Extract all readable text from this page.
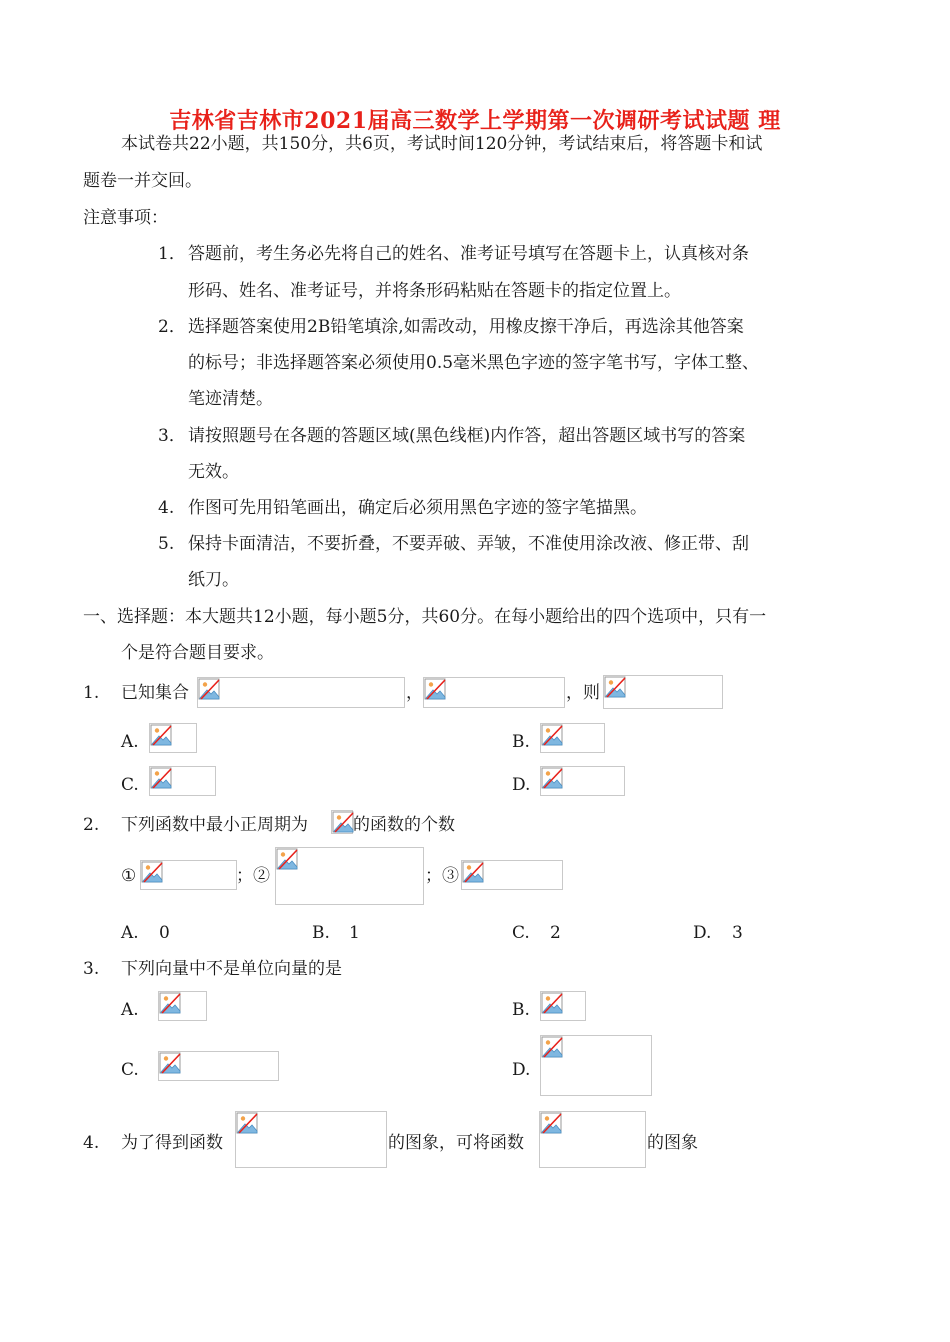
吉林省吉林市2021届高三数学上学期第一次调研考试试题 理
本试卷共22小题，共150分，共6页，考试时间120分钟，考试结束后，将答题卡和试
题卷一并交回。
注意事项：
1． 答题前，考生务必先将自己的姓名、准考证号填写在答题卡上，认真核对条
形码、姓名、准考证号，并将条形码粘贴在答题卡的指定位置上。
2． 选择题答案使用2B铅笔填涂,如需改动，用橡皮擦干净后，再选涂其他答案
的标号；非选择题答案必须使用0.5毫米黑色字迹的签字笔书写，字体工整、
笔迹清楚。
3． 请按照题号在各题的答题区域(黑色线框)内作答，超出答题区域书写的答案
无效。
4. 作图可先用铅笔画出，确定后必须用黑色字迹的签字笔描黑。
5. 保持卡面清洁，不要折叠，不要弄破、弄皱，不准使用涂改液、修正带、刮
纸刀。
一、选择题：本大题共12小题，每小题5分，共60分。在每小题给出的四个选项中，只有一
个是符合题目要求。
1. 已知集合	，	，则
A.	B.
C.	D.
2. 下列函数中最小正周期为	的函数的个数
①	；②	；③
A. 0	B. 1	C. 2	D. 3
3. 下列向量中不是单位向量的是
A.	B.
C.	D.
4. 为了得到函数	的图象，可将函数	的图象
